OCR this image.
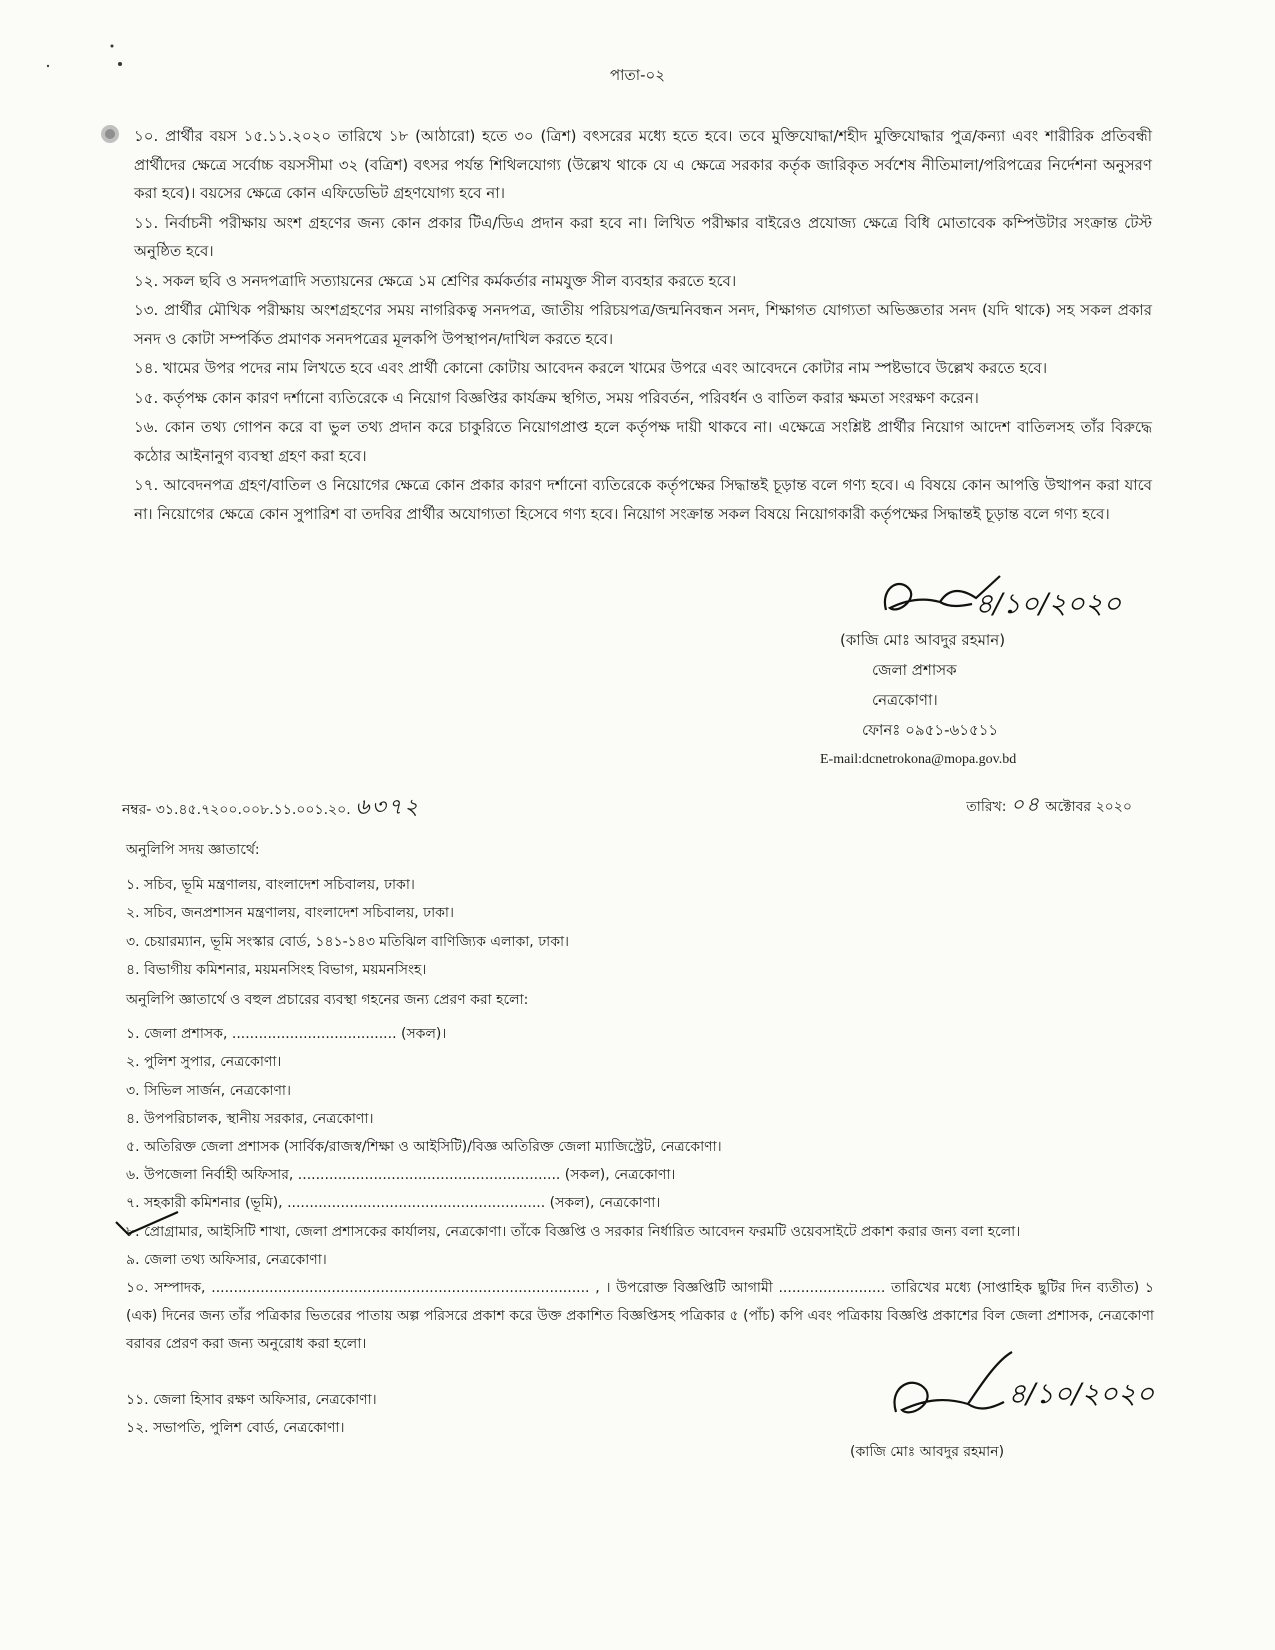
পাতা-০২

১০. প্রার্থীর বয়স ১৫.১১.২০২০ তারিখে ১৮ (আঠারো) হতে ৩০ (ত্রিশ) বৎসরের মধ্যে হতে হবে। তবে মুক্তিযোদ্ধা/শহীদ মুক্তিযোদ্ধার পুত্র/কন্যা এবং শারীরিক প্রতিবন্ধী প্রার্থীদের ক্ষেত্রে সর্বোচ্চ বয়সসীমা ৩২ (বত্রিশ) বৎসর পর্যন্ত শিথিলযোগ্য (উল্লেখ থাকে যে এ ক্ষেত্রে সরকার কর্তৃক জারিকৃত সর্বশেষ নীতিমালা/পরিপত্রের নির্দেশনা অনুসরণ করা হবে)। বয়সের ক্ষেত্রে কোন এফিডেভিট গ্রহণযোগ্য হবে না।

১১. নির্বাচনী পরীক্ষায় অংশ গ্রহণের জন্য কোন প্রকার টিএ/ডিএ প্রদান করা হবে না। লিখিত পরীক্ষার বাইরেও প্রযোজ্য ক্ষেত্রে বিধি মোতাবেক কম্পিউটার সংক্রান্ত টেস্ট অনুষ্ঠিত হবে।

১২. সকল ছবি ও সনদপত্রাদি সত্যায়নের ক্ষেত্রে ১ম শ্রেণির কর্মকর্তার নামযুক্ত সীল ব্যবহার করতে হবে।

১৩. প্রার্থীর মৌখিক পরীক্ষায় অংশগ্রহণের সময় নাগরিকত্ব সনদপত্র, জাতীয় পরিচয়পত্র/জন্মনিবন্ধন সনদ, শিক্ষাগত যোগ্যতা অভিজ্ঞতার সনদ (যদি থাকে) সহ সকল প্রকার সনদ ও কোটা সম্পর্কিত প্রমাণক সনদপত্রের মূলকপি উপস্থাপন/দাখিল করতে হবে।

১৪. খামের উপর পদের নাম লিখতে হবে এবং প্রার্থী কোনো কোটায় আবেদন করলে খামের উপরে এবং আবেদনে কোটার নাম স্পষ্টভাবে উল্লেখ করতে হবে।

১৫. কর্তৃপক্ষ কোন কারণ দর্শানো ব্যতিরেকে এ নিয়োগ বিজ্ঞপ্তির কার্যক্রম স্থগিত, সময় পরিবর্তন, পরিবর্ধন ও বাতিল করার ক্ষমতা সংরক্ষণ করেন।

১৬. কোন তথ্য গোপন করে বা ভুল তথ্য প্রদান করে চাকুরিতে নিয়োগপ্রাপ্ত হলে কর্তৃপক্ষ দায়ী থাকবে না। এক্ষেত্রে সংশ্লিষ্ট প্রার্থীর নিয়োগ আদেশ বাতিলসহ তাঁর বিরুদ্ধে কঠোর আইনানুগ ব্যবস্থা গ্রহণ করা হবে।

১৭. আবেদনপত্র গ্রহণ/বাতিল ও নিয়োগের ক্ষেত্রে কোন প্রকার কারণ দর্শানো ব্যতিরেকে কর্তৃপক্ষের সিদ্ধান্তই চূড়ান্ত বলে গণ্য হবে। এ বিষয়ে কোন আপত্তি উত্থাপন করা যাবে না। নিয়োগের ক্ষেত্রে কোন সুপারিশ বা তদবির প্রার্থীর অযোগ্যতা হিসেবে গণ্য হবে। নিয়োগ সংক্রান্ত সকল বিষয়ে নিয়োগকারী কর্তৃপক্ষের সিদ্ধান্তই চূড়ান্ত বলে গণ্য হবে।

৪/১০/২০২০
(কাজি মোঃ আবদুর রহমান)
জেলা প্রশাসক
নেত্রকোণা।
ফোনঃ ০৯৫১-৬১৫১১
E-mail:dcnetrokona@mopa.gov.bd
নম্বর- ৩১.৪৫.৭২০০.০০৮.১১.০০১.২০. ৬৩৭২	তারিখ: ০৪ অক্টোবর ২০২০

অনুলিপি সদয় জ্ঞাতার্থে:

১. সচিব, ভূমি মন্ত্রণালয়, বাংলাদেশ সচিবালয়, ঢাকা।

২. সচিব, জনপ্রশাসন মন্ত্রণালয়, বাংলাদেশ সচিবালয়, ঢাকা।

৩. চেয়ারম্যান, ভূমি সংস্কার বোর্ড, ১৪১-১৪৩ মতিঝিল বাণিজ্যিক এলাকা, ঢাকা।

৪. বিভাগীয় কমিশনার, ময়মনসিংহ বিভাগ, ময়মনসিংহ।

অনুলিপি জ্ঞাতার্থে ও বহুল প্রচারের ব্যবস্থা গহনের জন্য প্রেরণ করা হলো:

১. জেলা প্রশাসক, ..................................... (সকল)।

২. পুলিশ সুপার, নেত্রকোণা।

৩. সিভিল সার্জন, নেত্রকোণা।

৪. উপপরিচালক, স্থানীয় সরকার, নেত্রকোণা।

৫. অতিরিক্ত জেলা প্রশাসক (সার্বিক/রাজস্ব/শিক্ষা ও আইসিটি)/বিজ্ঞ অতিরিক্ত জেলা ম্যাজিস্ট্রেট, নেত্রকোণা।

৬. উপজেলা নির্বাহী অফিসার, ........................................................... (সকল), নেত্রকোণা।

৭. সহকারী কমিশনার (ভূমি), .......................................................... (সকল), নেত্রকোণা।

৮. প্রোগ্রামার, আইসিটি শাখা, জেলা প্রশাসকের কার্যালয়, নেত্রকোণা। তাঁকে বিজ্ঞপ্তি ও সরকার নির্ধারিত আবেদন ফরমটি ওয়েবসাইটে প্রকাশ করার জন্য বলা হলো।

৯. জেলা তথ্য অফিসার, নেত্রকোণা।

১০. সম্পাদক, ..................................................................................... , । উপরোক্ত বিজ্ঞপ্তিটি আগামী ........................ তারিখের মধ্যে (সাপ্তাহিক ছুটির দিন ব্যতীত) ১ (এক) দিনের জন্য তাঁর পত্রিকার ভিতরের পাতায় অল্প পরিসরে প্রকাশ করে উক্ত প্রকাশিত বিজ্ঞপ্তিসহ পত্রিকার ৫ (পাঁচ) কপি এবং পত্রিকায় বিজ্ঞপ্তি প্রকাশের বিল জেলা প্রশাসক, নেত্রকোণা বরাবর প্রেরণ করা জন্য অনুরোধ করা হলো।

১১. জেলা হিসাব রক্ষণ অফিসার, নেত্রকোণা।

১২. সভাপতি, পুলিশ বোর্ড, নেত্রকোণা।

৪/১০/২০২০
(কাজি মোঃ আবদুর রহমান)
